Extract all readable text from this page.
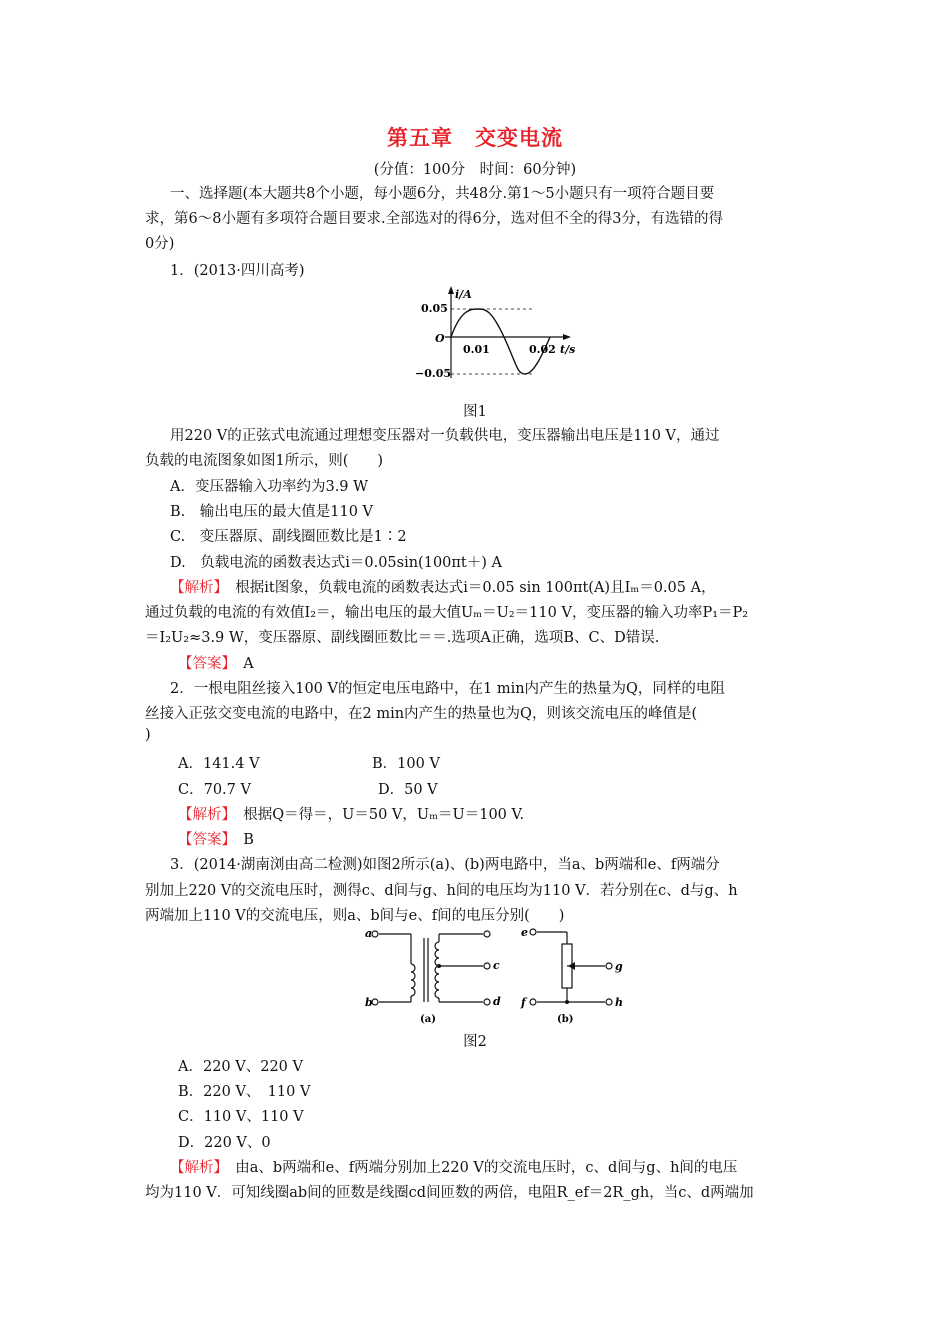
第五章　交变电流
(分值：100分　时间：60分钟)
一、选择题(本大题共8个小题，每小题6分，共48分.第1～5小题只有一项符合题目要
求，第6～8小题有多项符合题目要求.全部选对的得6分，选对但不全的得3分，有选错的得
0分)
1．(2013·四川高考)
0.05
−0.05
O
i/A
0.01	0.02 t/s
图1
用220 V的正弦式电流通过理想变压器对一负载供电，变压器输出电压是110 V，通过
负载的电流图象如图1所示，则(　　)
A．变压器输入功率约为3.9 W
B.　输出电压的最大值是110 V
C.　变压器原、副线圈匝数比是1∶2
D.　负载电流的函数表达式i＝0.05sin(100πt＋) A
【解析】　根据it图象，负载电流的函数表达式i＝0.05 sin 100πt(A)且Iₘ＝0.05 A，
通过负载的电流的有效值I₂＝，输出电压的最大值Uₘ＝U₂＝110 V，变压器的输入功率P₁＝P₂
＝I₂U₂≈3.9 W，变压器原、副线圈匝数比＝＝.选项A正确，选项B、C、D错误.
【答案】　A
2．一根电阻丝接入100 V的恒定电压电路中，在1 min内产生的热量为Q，同样的电阻
丝接入正弦交变电流的电路中，在2 min内产生的热量也为Q，则该交流电压的峰值是(
)
A．141.4 V	B．100 V
C．70.7 V	D．50 V
【解析】　根据Q＝得＝，U＝50 V，Uₘ＝U＝100 V.
【答案】　B
3．(2014·湖南浏由高二检测)如图2所示(a)、(b)两电路中，当a、b两端和e、f两端分
别加上220 V的交流电压时，测得c、d间与g、h间的电压均为110 V．若分别在c、d与g、h
两端加上110 V的交流电压，则a、b间与e、f间的电压分别(　　)
a
b
c
d
(a)
e
f
g
h
(b)
图2
A．220 V、220 V
B．220 V、　110 V
C．110 V、110 V
D．220 V、0
【解析】　由a、b两端和e、f两端分别加上220 V的交流电压时，c、d间与g、h间的电压
均为110 V．可知线圈ab间的匝数是线圈cd间匝数的两倍，电阻R_ef＝2R_gh，当c、d两端加
